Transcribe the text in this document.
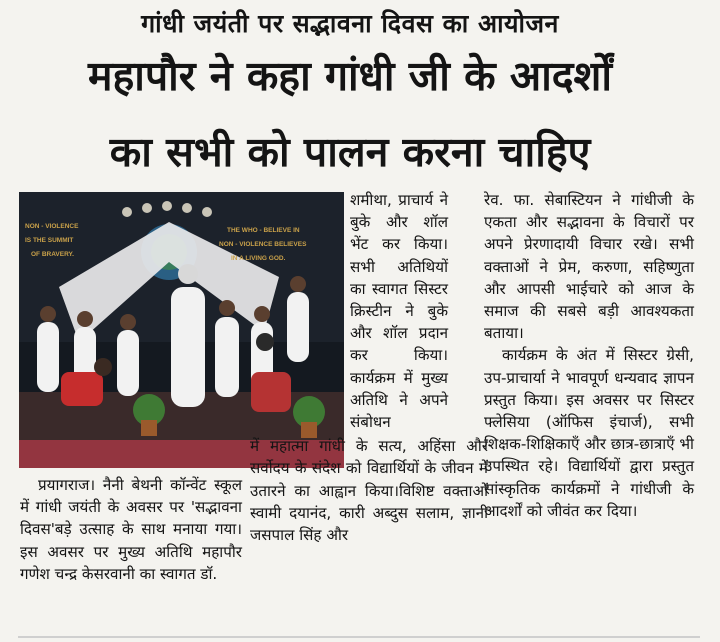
गांधी जयंती पर सद्भावना दिवस का आयोजन
महापौर ने कहा गांधी जी के आदर्शों
का सभी को पालन करना चाहिए
NON - VIOLENCE
IS THE SUMMIT
OF BRAVERY.
THE WHO - BELIEVE IN
NON - VIOLENCE BELIEVES
IN A LIVING GOD.

प्रयागराज। नैनी बेथनी कॉन्वेंट स्कूल में गांधी जयंती के अवसर पर 'सद्भावना दिवस'बड़े उत्साह के साथ मनाया गया। इस अवसर पर मुख्य अतिथि महापौर गणेश चन्द्र केसरवानी का स्वागत डॉ.

शमीथा, प्राचार्य ने बुके और शॉल भेंट कर किया। सभी अतिथियों का स्वागत सिस्टर क्रिस्टीन ने बुके और शॉल प्रदान कर किया।कार्यक्रम में मुख्य अतिथि ने अपने संबोधन

में महात्मा गांधी के सत्य, अहिंसा और सर्वोदय के संदेश को विद्यार्थियों के जीवन में उतारने का आह्वान किया।विशिष्ट वक्ताओं स्वामी दयानंद, कारी अब्दुस सलाम, ज्ञानी जसपाल सिंह और

रेव. फा. सेबास्टियन ने गांधीजी के एकता और सद्भावना के विचारों पर अपने प्रेरणादायी विचार रखे। सभी वक्ताओं ने प्रेम, करुणा, सहिष्णुता और आपसी भाईचारे को आज के समाज की सबसे बड़ी आवश्यकता बताया।

कार्यक्रम के अंत में सिस्टर ग्रेसी, उप-प्राचार्या ने भावपूर्ण धन्यवाद ज्ञापन प्रस्तुत किया। इस अवसर पर सिस्टर फ्लेसिया (ऑफिस इंचार्ज), सभी शिक्षक-शिक्षिकाएँ और छात्र-छात्राएँ भी उपस्थित रहे। विद्यार्थियों द्वारा प्रस्तुत सांस्कृतिक कार्यक्रमों ने गांधीजी के आदर्शों को जीवंत कर दिया।
